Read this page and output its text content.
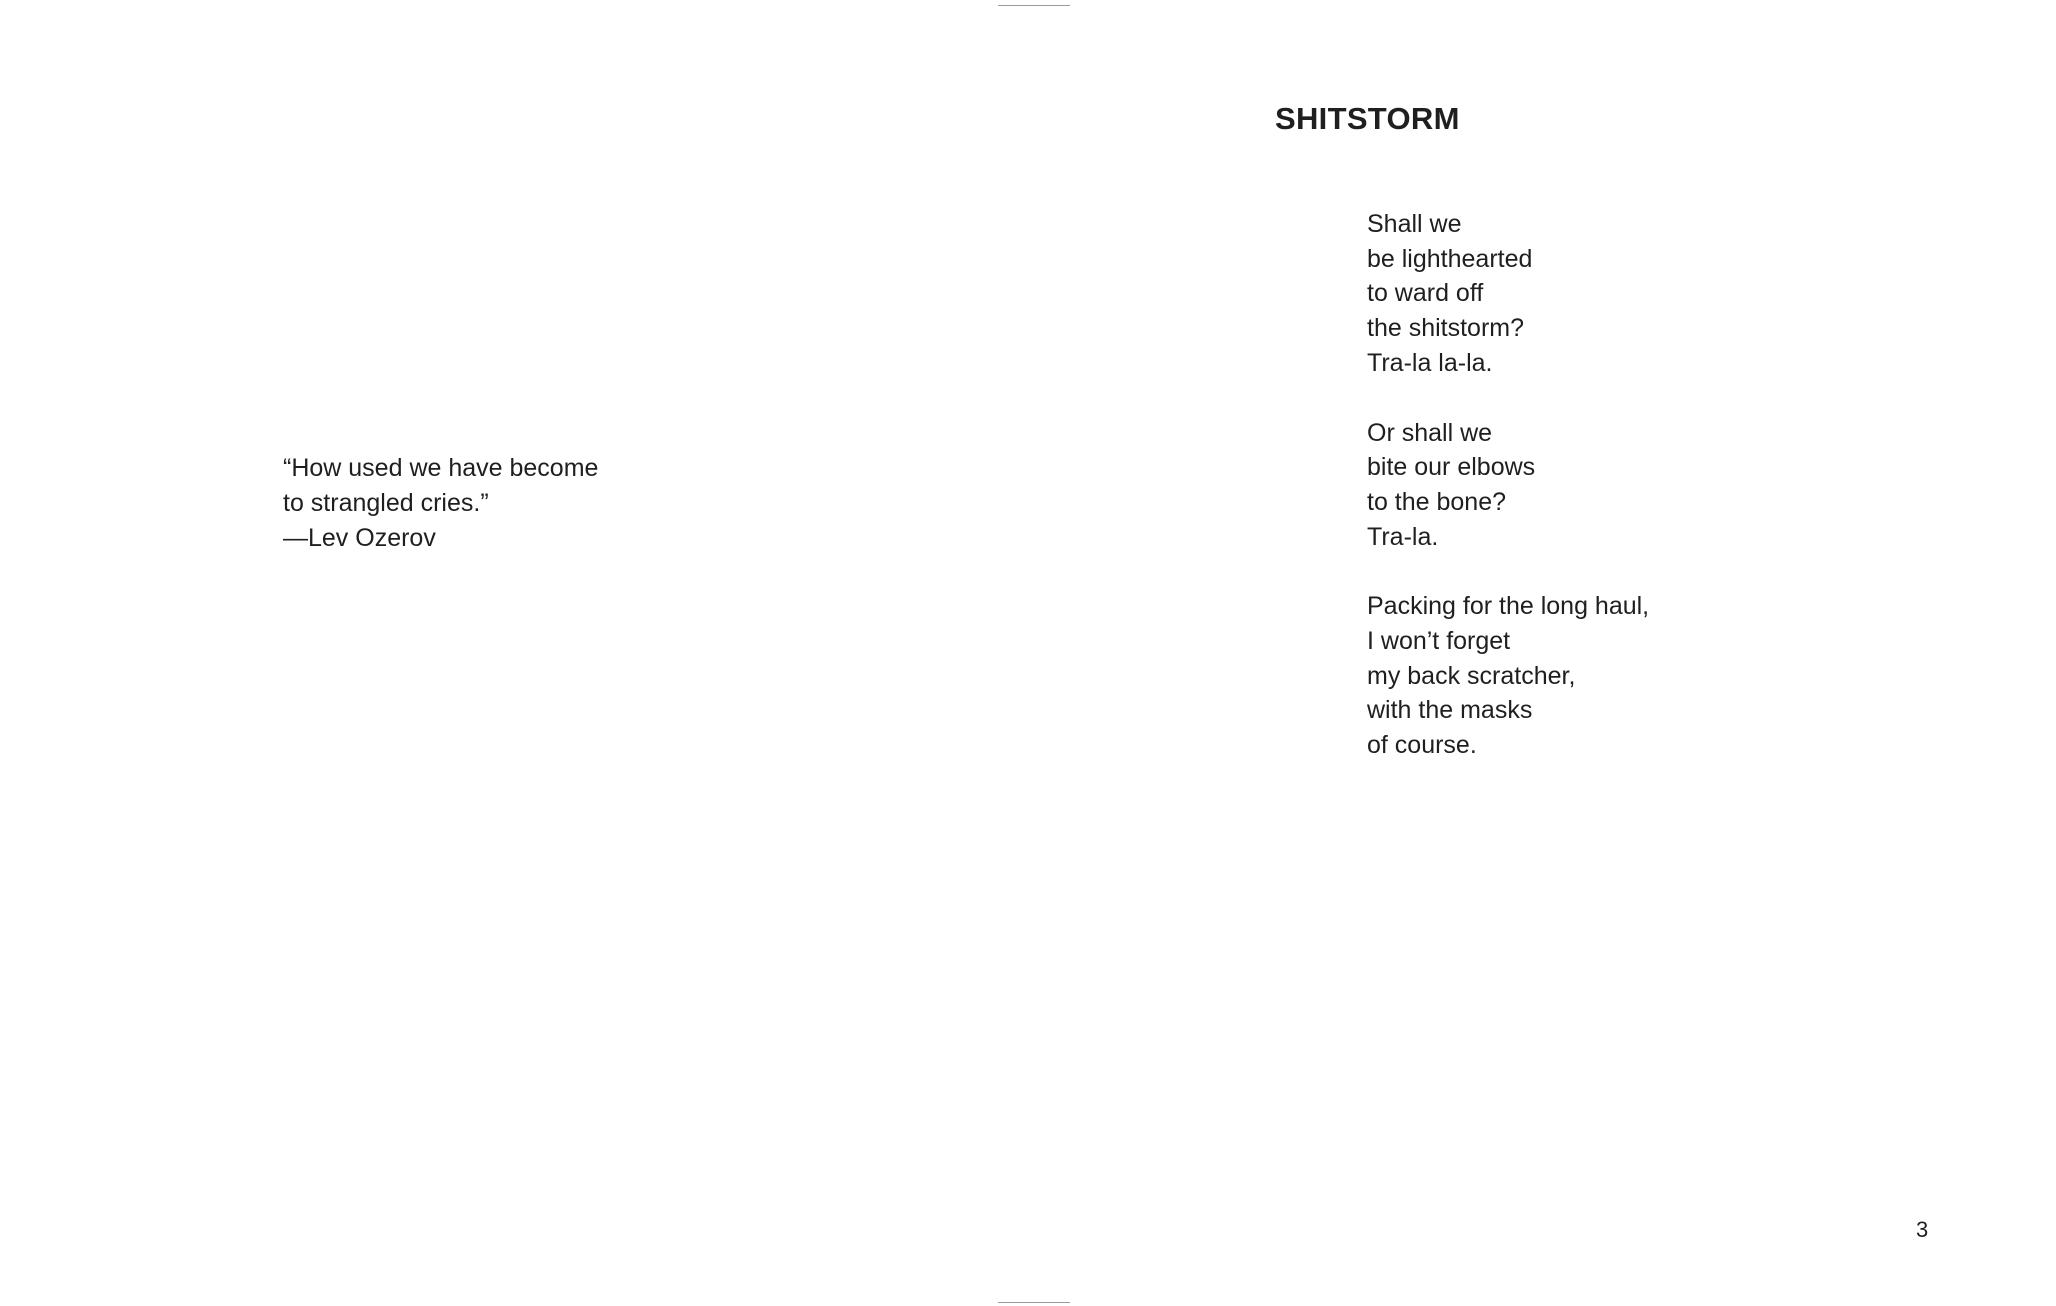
“How used we have become
to strangled cries.”
—Lev Ozerov
SHITSTORM
Shall we
be lighthearted
to ward off
the shitstorm?
Tra-la la-la.
Or shall we
bite our elbows
to the bone?
Tra-la.
Packing for the long haul,
I won’t forget
my back scratcher,
with the masks
of course.
3
